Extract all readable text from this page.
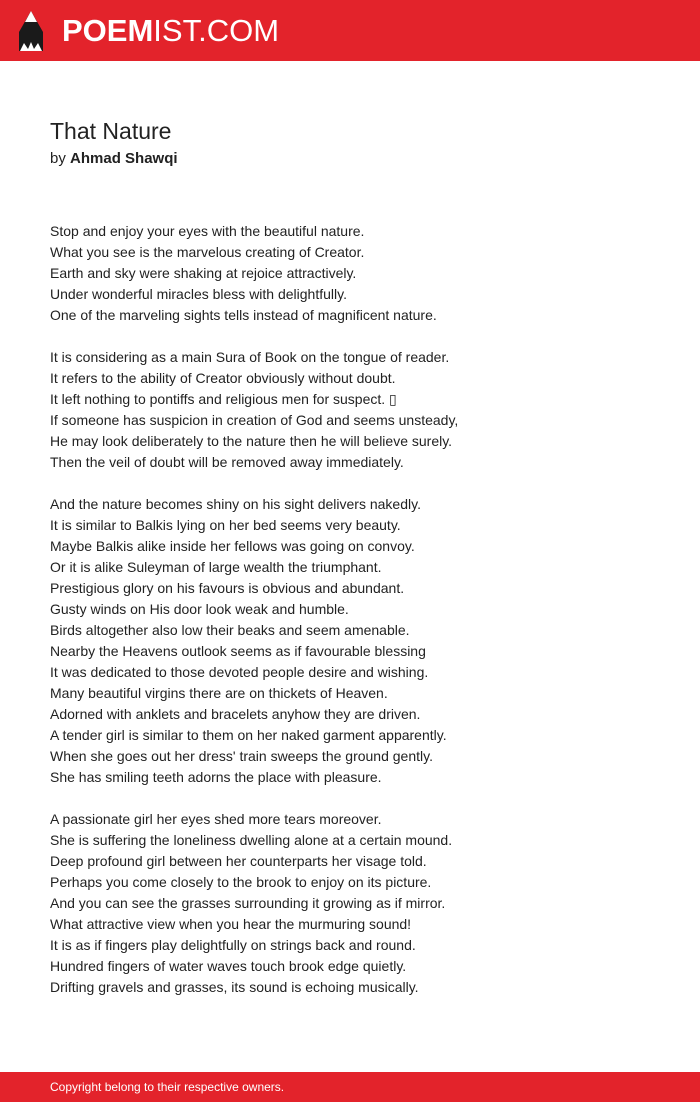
POEMIST.COM
That Nature

by Ahmad Shawqi

Stop and enjoy your eyes with the beautiful nature.
What you see is the marvelous creating of Creator.
Earth and sky were shaking at rejoice attractively.
Under wonderful miracles bless with delightfully.
One of the marveling sights tells instead of magnificent nature.
It is considering as a main Sura of Book on the tongue of reader.
It refers to the ability of Creator obviously without doubt.
It left nothing to pontiffs and religious men for suspect. ▯
If someone has suspicion in creation of God and seems unsteady,
He may look deliberately to the nature then he will believe surely.
Then the veil of doubt will be removed away immediately.
And the nature becomes shiny on his sight delivers nakedly.
It is similar to Balkis lying on her bed seems very beauty.
Maybe Balkis alike inside her fellows was going on convoy.
Or it is alike Suleyman of large wealth the triumphant.
Prestigious glory on his favours is obvious and abundant.
Gusty winds on His door look weak and humble.
Birds altogether also low their beaks and seem amenable.
Nearby the Heavens outlook seems as if favourable blessing
It was dedicated to those devoted people desire and wishing.
Many beautiful virgins there are on thickets of Heaven.
Adorned with anklets and bracelets anyhow they are driven.
A tender girl is similar to them on her naked garment apparently.
When she goes out her dress' train sweeps the ground gently.
She has smiling teeth adorns the place with pleasure.
A passionate girl her eyes shed more tears moreover.
She is suffering the loneliness dwelling alone at a certain mound.
Deep profound girl between her counterparts her visage told.
Perhaps you come closely to the brook to enjoy on its picture.
And you can see the grasses surrounding it growing as if mirror.
What attractive view when you hear the murmuring sound!
It is as if fingers play delightfully on strings back and round.
Hundred fingers of water waves touch brook edge quietly.
Drifting gravels and grasses, its sound is echoing musically.
Copyright belong to their respective owners.
